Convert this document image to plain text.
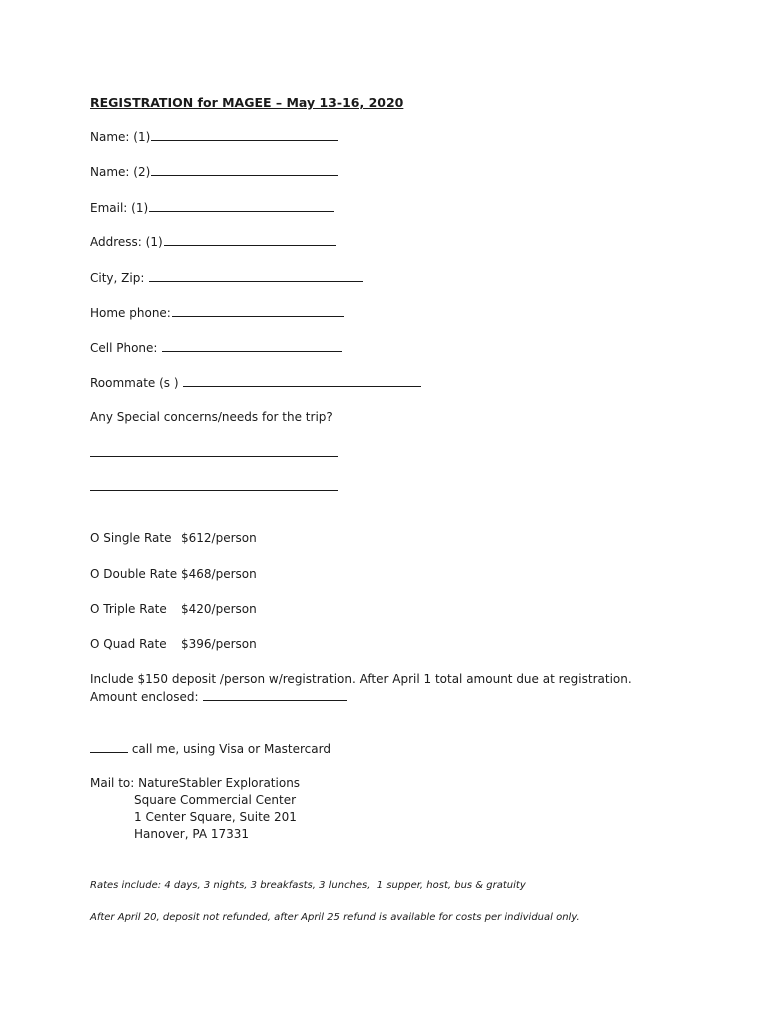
REGISTRATION for MAGEE – May 13-16, 2020
Name: (1)
Name: (2)
Email: (1)
Address: (1)
City, Zip:
Home phone:
Cell Phone:
Roommate (s )
Any Special concerns/needs for the trip?
O Single Rate $612/person
O Double Rate $468/person
O Triple Rate $420/person
O Quad Rate $396/person
Include $150 deposit /person w/registration. After April 1 total amount due at registration.
Amount enclosed:
call me, using Visa or Mastercard
Mail to: NatureStabler Explorations
Square Commercial Center
1 Center Square, Suite 201
Hanover, PA 17331
Rates include: 4 days, 3 nights, 3 breakfasts, 3 lunches,  1 supper, host, bus & gratuity
After April 20, deposit not refunded, after April 25 refund is available for costs per individual only.
